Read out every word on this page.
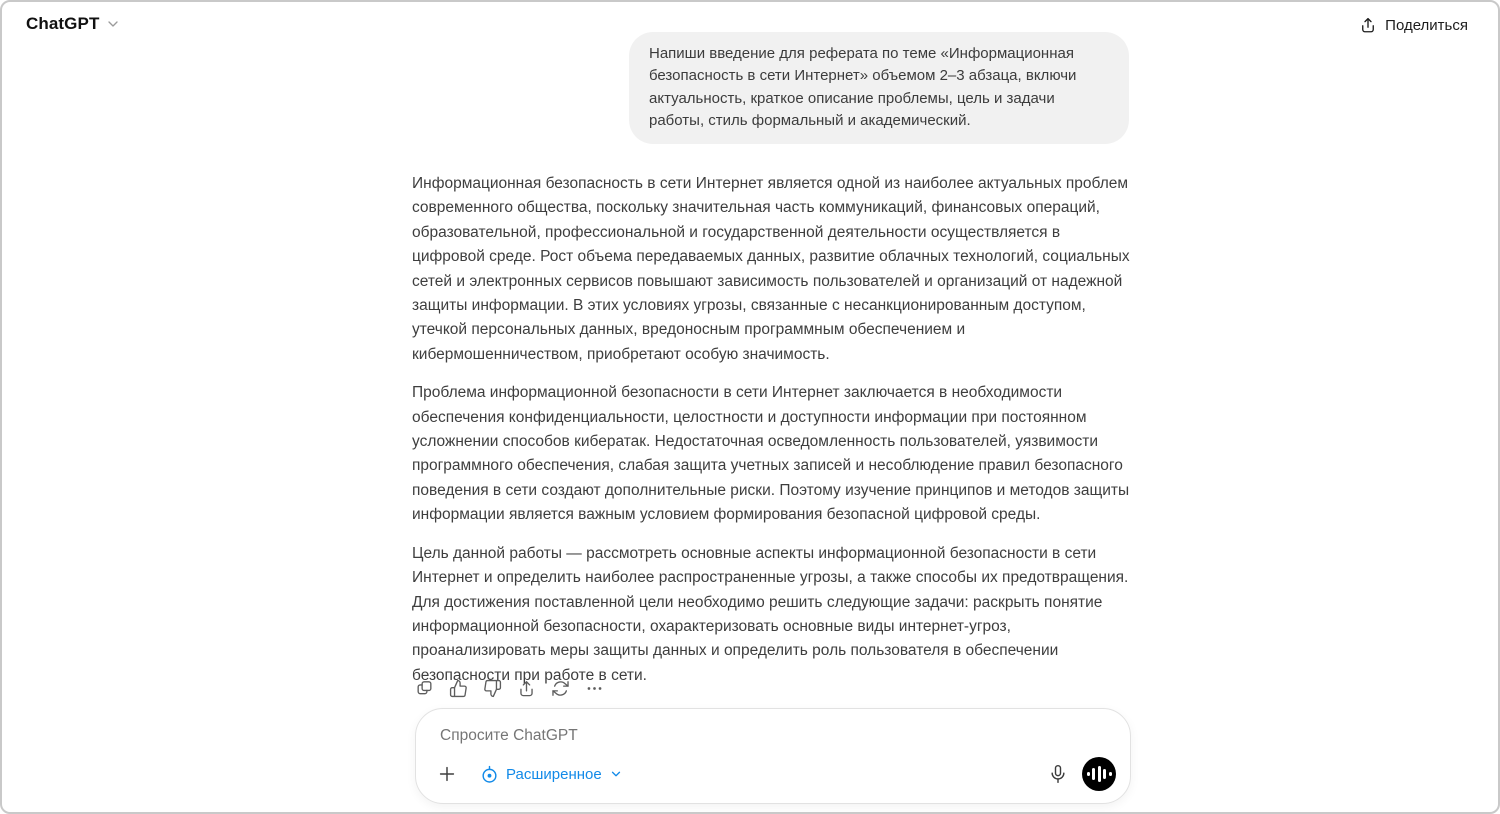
ChatGPT	Поделиться

Напиши введение для реферата по теме «Информационная безопасность в сети Интернет» объемом 2–3 абзаца, включи актуальность, краткое описание проблемы, цель и задачи работы, стиль формальный и академический.

Информационная безопасность в сети Интернет является одной из наиболее актуальных проблем современного общества, поскольку значительная часть коммуникаций, финансовых операций, образовательной, профессиональной и государственной деятельности осуществляется в цифровой среде. Рост объема передаваемых данных, развитие облачных технологий, социальных сетей и электронных сервисов повышают зависимость пользователей и организаций от надежной защиты информации. В этих условиях угрозы, связанные с несанкционированным доступом, утечкой персональных данных, вредоносным программным обеспечением и кибермошенничеством, приобретают особую значимость.

Проблема информационной безопасности в сети Интернет заключается в необходимости обеспечения конфиденциальности, целостности и доступности информации при постоянном усложнении способов кибератак. Недостаточная осведомленность пользователей, уязвимости программного обеспечения, слабая защита учетных записей и несоблюдение правил безопасного поведения в сети создают дополнительные риски. Поэтому изучение принципов и методов защиты информации является важным условием формирования безопасной цифровой среды.

Цель данной работы — рассмотреть основные аспекты информационной безопасности в сети Интернет и определить наиболее распространенные угрозы, а также способы их предотвращения. Для достижения поставленной цели необходимо решить следующие задачи: раскрыть понятие информационной безопасности, охарактеризовать основные виды интернет-угроз, проанализировать меры защиты данных и определить роль пользователя в обеспечении безопасности при работе в сети.

Спросите ChatGPT
Расширенное
